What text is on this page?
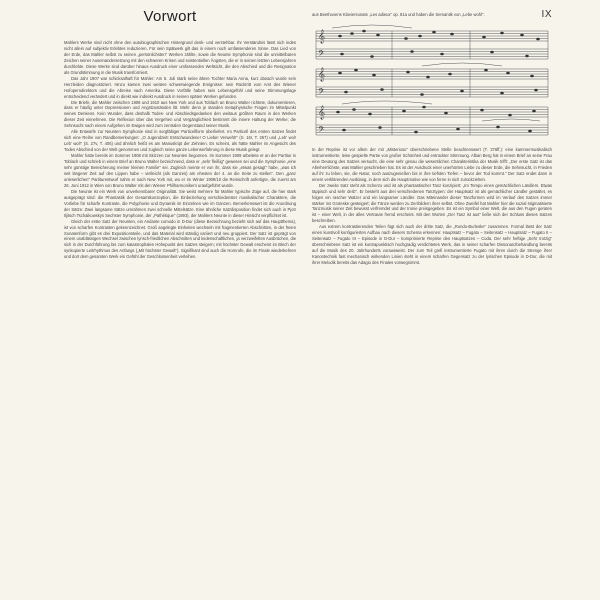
Vorwort	IX

Mahlers Werke sind nicht ohne den autobiographischen Hintergrund denk- und verstehbar. Ihr Verständnis lässt sich indes nicht allein auf subjektiv Erlebtes reduzieren. Für sein Spätwerk gilt das in einem noch umfassenderen Sinne. Das Lied von der Erde, das Mahler selbst zu seinen „persönlichsten" Werken zählte, sowie die Neunte Symphonie sind die unmittelbaren Zeichen seiner Auseinandersetzung mit den schweren Krisen und existentiellen Ängsten, die er in seinen letzten Lebensjahren durchlebte. Diese Werke sind darüber hinaus Ausdruck einer umfassenden Weltsicht, die den Abschied und die Resignation als Grundstimmung in die Musik transformiert.

Das Jahr 1907 war schicksalhaft für Mahler: Am 5. Juli starb seine ältere Tochter Maria Anna, kurz danach wurde sein Herzleiden diagnostiziert. Hinzu kamen zwei weitere schwerwiegende Ereignisse: sein Rücktritt vom Amt des Wiener Hofoperndirektors und die Abreise nach Amerika. Diese Vorfälle haben sein Lebensgefühl und seine Stimmungslage entscheidend verändert und in direkt wie indirekt Ausdruck in seinen späten Werken gefunden.

Die Briefe, die Mahler zwischen 1908 und 1910 aus New York und aus Toblach an Bruno Walter richtete, dokumentieren, dass er häufig unter Depressionen und Angstzuständen litt. Mehr denn je standen metaphysische Fragen im Mittelpunkt seines Denkens. Kein Wunder, dass deshalb Todes- und Abschiedsgedanken den weitaus größten Raum in den Werken dieser Zeit einnehmen. Die Reflexion über das Vergehen und Vergänglichkeit bestimmt die innere Haltung der Werke; die Sehnsucht nach einem Aufgehen im Ewigen wird zum zentralen Gegenstand seiner Musik.

Alle Entwürfe zur Neunten Symphonie sind in sorgfältiger Particellform überliefert. Im Particell des ersten Satzes findet sich eine Reihe von Randbemerkungen: „O Jugendzeit! Entschwundene! O Liebe! Verweht!" (S. 16r, T. 267) und „Leb' wol! Leb' wol!" (S. 27v, T. 406) und ähnlich heißt es am Manuskript der Zehnten. Es scheint, als hätte Mahler im Angesicht des Todes Abschied von der Welt genommen und zugleich seine ganze Lebenserfahrung in diese Musik gelegt.

Mahler hatte bereits im Sommer 1908 mit Skizzen zur Neunten begonnen. Im Sommer 1909 arbeitete er an der Partitur in Toblach und schrieb in einem Brief an Bruno Walter bezeichnend, dass er „sehr fleißig" gewesen sei und die Symphonie „eine sehr günstige Bereicherung meiner kleinen Familie" sei. Zugleich meinte er von ihr, dass sie „etwas gesagt" habe, „was ich seit längerer Zeit auf den Lippen habe – vielleicht (als Ganzes) am ehesten der 4. an die Seite zu stellen". Den „ganz unleserlichen" Partiturentwurf nahm er nach New York mit, wo er im Winter 1909/10 die Reinschrift anfertigte, die zuerst am 26. Juni 1912 in Wien von Bruno Walter mit den Wiener Philharmonikern uraufgeführt wurde.

Die Neunte ist ein Werk von unverkennbarer Originalität. Sie weist mehrere für Mahler typische Züge auf, die hier stark ausgeprägt sind: die Phantastik der Gesamtkonzeption, die Einbeziehung verschiedenster musikalischer Charaktere, die Vorliebe für scharfe Kontraste, die Polyphonie und Dynamik im Einzelnen wie im Ganzen. Bemerkenswert ist die Anordnung der Sätze: Zwei langsame Sätze umrahmen zwei schnelle Mittelsätze. Eine ähnliche Satzdisposition findet sich auch in Pjotr Iljitsch Tschaikowskys Sechster Symphonie, der „Pathétique" (1893), der Mahlers Neunte in dieser Hinsicht verpflichtet ist.

Gleich der erste Satz der Neunten, ein Andante comodo in D-Dur (diese Bezeichnung bezieht sich auf das Hauptthema), ist von scharfen Kontrasten gekennzeichnet. Groß angelegte Einheiten wechseln mit fragmentierten Abschnitten, in der freien Sonatenform gibt es drei Expositionsteile, und das Material wird ständig variiert und neu gruppiert. Der Satz ist geprägt von einem unablässigen Wechsel zwischen lyrisch-friedlichen Abschnitten und leidenschaftlichen, ja verzweifelten Ausbrüchen, die sich in der Durchführung bis zum katastrophalen Höhepunkt des Satzes steigern; mit höchster Gewalt erscheint im Blech der synkopierte Leitrhythmus des Anfangs („Mit höchster Gewalt"). Signifikant sind auch die Hornrufe, die im Finale wiederkehren und dort dem gesamten Werk ein Gefühl der Geschlossenheit verleihen.

aus Beethovens Klaviersonate „Les adieux" op. 81a und haben die Semantik von „Lebe wohl".

𝄞
𝄢
𝄞
𝄢
𝄞
𝄢

In der Reprise ist vor allem der mit „Misterioso" überschriebene Stelle beachtenswert (T. 376ff.): eine kammermusikalisch instrumentierte, leise gespielte Partie von großer Schönheit und entrückter Stimmung. Alban Berg hat in einem Brief an seine Frau eine Deutung des Satzes versucht, die eine sehr genau die wesentlichen Charakteristika der Musik trifft: „Der erste Satz ist das Allerherrlichste, was Mahler geschrieben hat. Es ist der Ausdruck einer unerhörten Liebe zu dieser Erde, die Sehnsucht, in Frieden auf ihr zu leben, sie, die Natur, noch auszugenießen bis in ihre tiefsten Tiefen – bevor der Tod kommt." Der Satz endet dann in einem verklärenden Ausklang, in dem sich die Hauptmotive wie von ferne in sich zurückziehen.

Der zweite Satz steht als Scherzo und ist als phantastischer Tanz konzipiert: „Im Tempo eines gemächlichen Ländlers. Etwas täppisch und sehr derb". Er besteht aus drei verschiedenen Tanztypen: der Hauptsatz ist als gemächlicher Ländler gestaltet, es folgen ein rascher Walzer und ein langsamer Ländler. Das Miteinander dieser Tanzformen wird im Verlauf des Satzes immer stärker ins Groteske gesteigert; die Tänze werden zu Zerrbildern ihrer selbst. Ohne Zweifel hat Mahler hier die sozial stigmatisierte Tanzmusik seiner Zeit bewusst verfremdet und der Ironie preisgegeben. Es ist ein Symbol einer Welt, die aus den Fugen geraten ist – einer Welt, in der alles Vertraute fremd erscheint. Mit den Worten „Der Tanz ist aus" ließe sich der Schluss dieses Satzes beschreiben.

Aus extrem kontrastierenden Teilen fügt sich auch der dritte Satz, die „Rondo-Burleske" zusammen. Formal lässt der Satz einen kunstvoll konfigurierten Aufbau nach diesem Schema erkennen: Hauptsatz – Fugato – Seitensatz – Hauptsatz – Fugato II – Seitensatz – Fugato III – Episode in D-Dur – komprimierte Reprise des Hauptsatzes – Coda. Der sehr heftige „Sehr trotzig" überschriebene Satz ist ein kontrapunktisch hochgradig verdichtetes Werk, das in seiner scharfen Dissonanzbehandlung bereits auf die Musik des 20. Jahrhunderts vorausweist. Der zum Teil grell instrumentierte Fugato mit ihren durch die Strenge ihrer Kanontechnik fast mechanisch wirkenden Linien steht in einem scharfen Gegensatz zu der lyrischen Episode in D-Dur, die mit ihrer Melodik bereits das Adagio des Finales vorwegnimmt.
